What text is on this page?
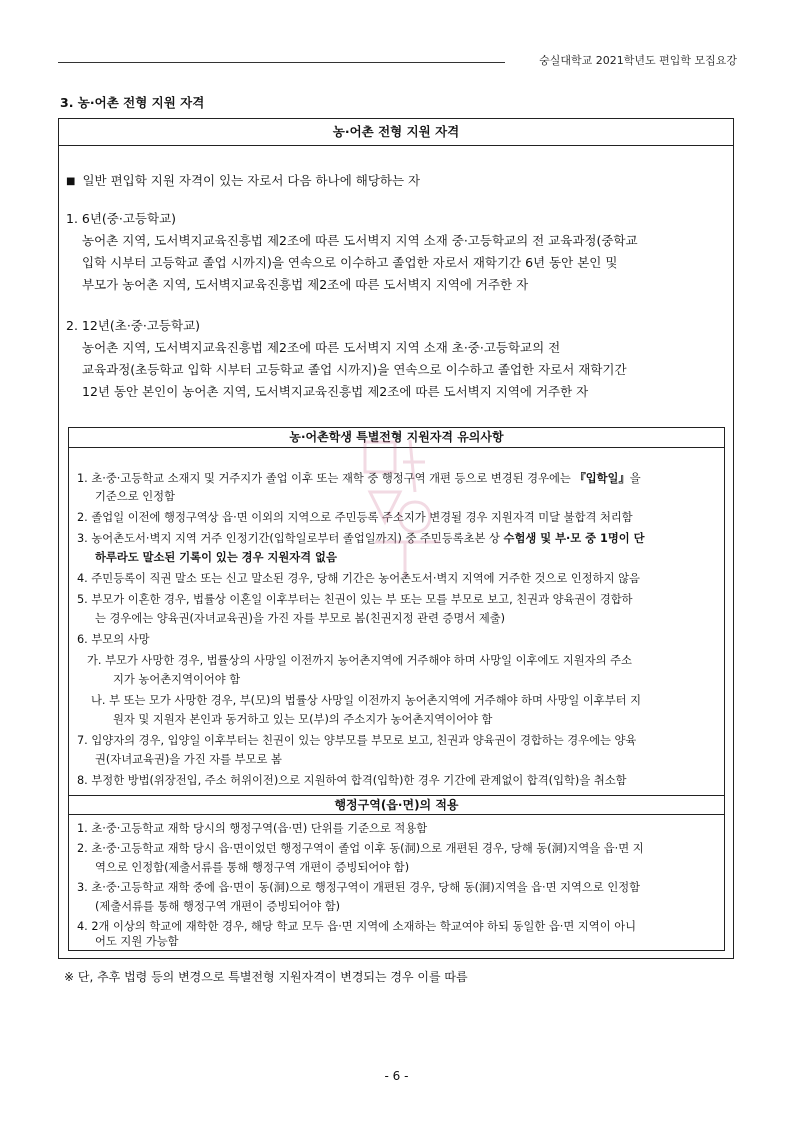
숭실대학교 2021학년도 편입학 모집요강
3. 농·어촌 전형 지원 자격
농·어촌 전형 지원 자격
■ 일반 편입학 지원 자격이 있는 자로서 다음 하나에 해당하는 자
1. 6년(중·고등학교)
농어촌 지역, 도서벽지교육진흥법 제2조에 따른 도서벽지 지역 소재 중·고등학교의 전 교육과정(중학교
입학 시부터 고등학교 졸업 시까지)을 연속으로 이수하고 졸업한 자로서 재학기간 6년 동안 본인 및
부모가 농어촌 지역, 도서벽지교육진흥법 제2조에 따른 도서벽지 지역에 거주한 자
2. 12년(초·중·고등학교)
농어촌 지역, 도서벽지교육진흥법 제2조에 따른 도서벽지 지역 소재 초·중·고등학교의 전
교육과정(초등학교 입학 시부터 고등학교 졸업 시까지)을 연속으로 이수하고 졸업한 자로서 재학기간
12년 동안 본인이 농어촌 지역, 도서벽지교육진흥법 제2조에 따른 도서벽지 지역에 거주한 자
농·어촌학생 특별전형 지원자격 유의사항
1. 초·중·고등학교 소재지 및 거주지가 졸업 이후 또는 재학 중 행정구역 개편 등으로 변경된 경우에는 『입학일』을
기준으로 인정함
2. 졸업일 이전에 행정구역상 읍·면 이외의 지역으로 주민등록 주소지가 변경될 경우 지원자격 미달 불합격 처리함
3. 농어촌도서·벽지 지역 거주 인정기간(입학일로부터 졸업일까지) 중 주민등록초본 상 수험생 및 부·모 중 1명이 단
하루라도 말소된 기록이 있는 경우 지원자격 없음
4. 주민등록이 직권 말소 또는 신고 말소된 경우, 당해 기간은 농어촌도서·벽지 지역에 거주한 것으로 인정하지 않음
5. 부모가 이혼한 경우, 법률상 이혼일 이후부터는 친권이 있는 부 또는 모를 부모로 보고, 친권과 양육권이 경합하
는 경우에는 양육권(자녀교육권)을 가진 자를 부모로 봄(친권지정 관련 증명서 제출)
6. 부모의 사망
가. 부모가 사망한 경우, 법률상의 사망일 이전까지 농어촌지역에 거주해야 하며 사망일 이후에도 지원자의 주소
지가 농어촌지역이어야 함
나. 부 또는 모가 사망한 경우, 부(모)의 법률상 사망일 이전까지 농어촌지역에 거주해야 하며 사망일 이후부터 지
원자 및 지원자 본인과 동거하고 있는 모(부)의 주소지가 농어촌지역이어야 함
7. 입양자의 경우, 입양일 이후부터는 친권이 있는 양부모를 부모로 보고, 친권과 양육권이 경합하는 경우에는 양육
권(자녀교육권)을 가진 자를 부모로 봄
8. 부정한 방법(위장전입, 주소 허위이전)으로 지원하여 합격(입학)한 경우 기간에 관계없이 합격(입학)을 취소함
행정구역(읍·면)의 적용
1. 초·중·고등학교 재학 당시의 행정구역(읍·면) 단위를 기준으로 적용함
2. 초·중·고등학교 재학 당시 읍·면이었던 행정구역이 졸업 이후 동(洞)으로 개편된 경우, 당해 동(洞)지역을 읍·면 지
역으로 인정함(제출서류를 통해 행정구역 개편이 증빙되어야 함)
3. 초·중·고등학교 재학 중에 읍·면이 동(洞)으로 행정구역이 개편된 경우, 당해 동(洞)지역을 읍·면 지역으로 인정함
(제출서류를 통해 행정구역 개편이 증빙되어야 함)
4. 2개 이상의 학교에 재학한 경우, 해당 학교 모두 읍·면 지역에 소재하는 학교여야 하되 동일한 읍·면 지역이 아니
어도 지원 가능함
※ 단, 추후 법령 등의 변경으로 특별전형 지원자격이 변경되는 경우 이를 따름
- 6 -
